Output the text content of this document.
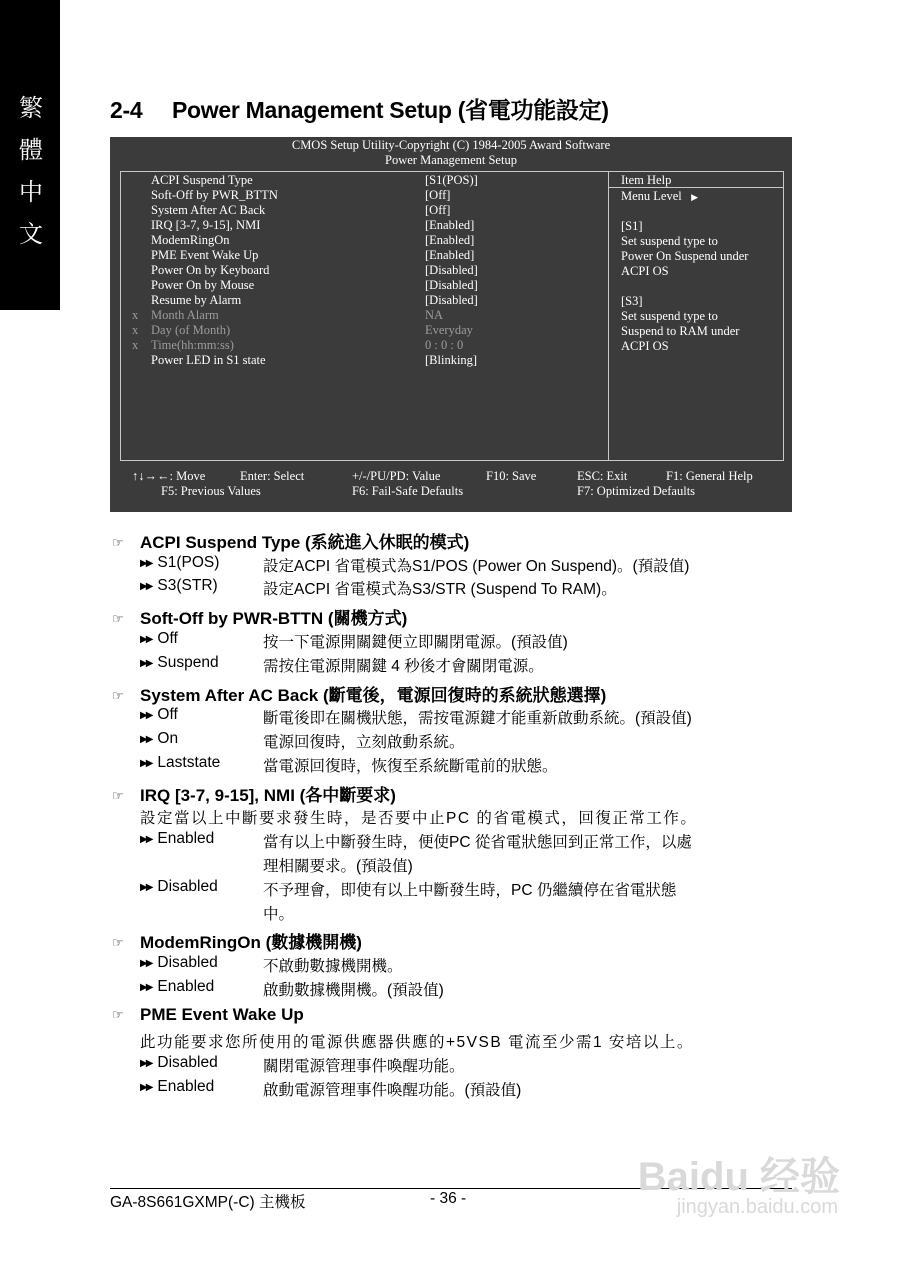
繁
體
中
文
2-4 Power Management Setup (省電功能設定)
CMOS Setup Utility-Copyright (C) 1984-2005 Award Software
Power Management Setup
ACPI Suspend Type	[S1(POS)]
Soft-Off by PWR_BTTN	[Off]
System After AC Back	[Off]
IRQ [3-7, 9-15], NMI	[Enabled]
ModemRingOn	[Enabled]
PME Event Wake Up	[Enabled]
Power On by Keyboard	[Disabled]
Power On by Mouse	[Disabled]
Resume by Alarm	[Disabled]
x Month Alarm	NA
x Day (of Month)	Everyday
x Time(hh:mm:ss)	0 : 0 : 0
Power LED in S1 state	[Blinking]
Item Help
Menu Level ▶
[S1]
Set suspend type to
Power On Suspend under
ACPI OS
[S3]
Set suspend type to
Suspend to RAM under
ACPI OS
↑↓→←: Move	Enter: Select	+/-/PU/PD: Value	F10: Save	ESC: Exit	F1: General Help
F5: Previous Values	F6: Fail-Safe Defaults	F7: Optimized Defaults
☞ ACPI Suspend Type (系統進入休眠的模式)
▶▶ S1(POS)	設定ACPI 省電模式為S1/POS (Power On Suspend)。(預設值)
▶▶ S3(STR)	設定ACPI 省電模式為S3/STR (Suspend To RAM)。
☞ Soft-Off by PWR-BTTN (關機方式)
▶▶ Off	按一下電源開關鍵便立即關閉電源。(預設值)
▶▶ Suspend	需按住電源開關鍵 4 秒後才會關閉電源。
☞ System After AC Back (斷電後，電源回復時的系統狀態選擇)
▶▶ Off	斷電後即在關機狀態，需按電源鍵才能重新啟動系統。(預設值)
▶▶ On	電源回復時，立刻啟動系統。
▶▶ Laststate	當電源回復時，恢復至系統斷電前的狀態。
☞ IRQ [3-7, 9-15], NMI (各中斷要求)
設定當以上中斷要求發生時，是否要中止PC 的省電模式，回復正常工作。
▶▶ Enabled	當有以上中斷發生時，便使PC 從省電狀態回到正常工作，以處
理相關要求。(預設值)
▶▶ Disabled	不予理會，即使有以上中斷發生時，PC 仍繼續停在省電狀態
中。
☞ ModemRingOn (數據機開機)
▶▶ Disabled	不啟動數據機開機。
▶▶ Enabled	啟動數據機開機。(預設值)
☞ PME Event Wake Up
此功能要求您所使用的電源供應器供應的+5VSB 電流至少需1 安培以上。
▶▶ Disabled	關閉電源管理事件喚醒功能。
▶▶ Enabled	啟動電源管理事件喚醒功能。(預設值)
GA-8S661GXMP(-C) 主機板	- 36 -	Baidu 经验
jingyan.baidu.com
